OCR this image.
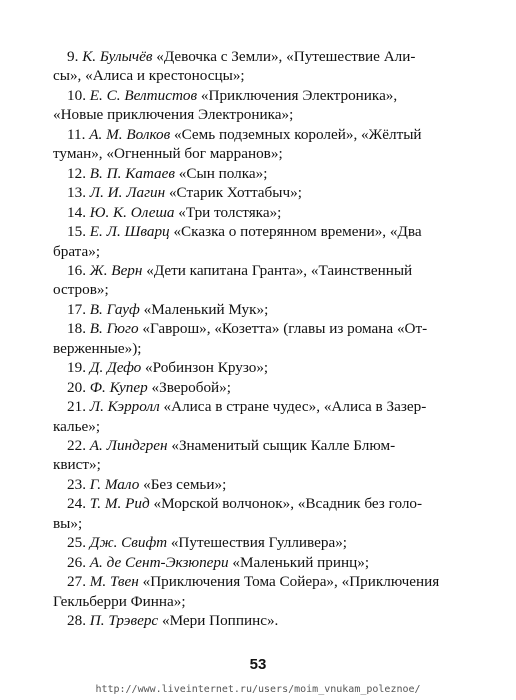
9. К. Булычёв «Девочка с Земли», «Путешествие Али-
сы», «Алиса и крестоносцы»;
10. Е. С. Велтистов «Приключения Электроника»,
«Новые приключения Электроника»;
11. А. М. Волков «Семь подземных королей», «Жёлтый
туман», «Огненный бог марранов»;
12. В. П. Катаев «Сын полка»;
13. Л. И. Лагин «Старик Хоттабыч»;
14. Ю. К. Олеша «Три толстяка»;
15. Е. Л. Шварц «Сказка о потерянном времени», «Два
брата»;
16. Ж. Верн «Дети капитана Гранта», «Таинственный
остров»;
17. В. Гауф «Маленький Мук»;
18. В. Гюго «Гаврош», «Козетта» (главы из романа «От-
верженные»);
19. Д. Дефо «Робинзон Крузо»;
20. Ф. Купер «Зверобой»;
21. Л. Кэрролл «Алиса в стране чудес», «Алиса в Зазер-
калье»;
22. А. Линдгрен «Знаменитый сыщик Калле Блюм-
квист»;
23. Г. Мало «Без семьи»;
24. Т. М. Рид «Морской волчонок», «Всадник без голо-
вы»;
25. Дж. Свифт «Путешествия Гулливера»;
26. А. де Сент-Экзюпери «Маленький принц»;
27. М. Твен «Приключения Тома Сойера», «Приключения
Гекльберри Финна»;
28. П. Трэверс «Мери Поппинс».
53
http://www.liveinternet.ru/users/moim_vnukam_poleznoe/
